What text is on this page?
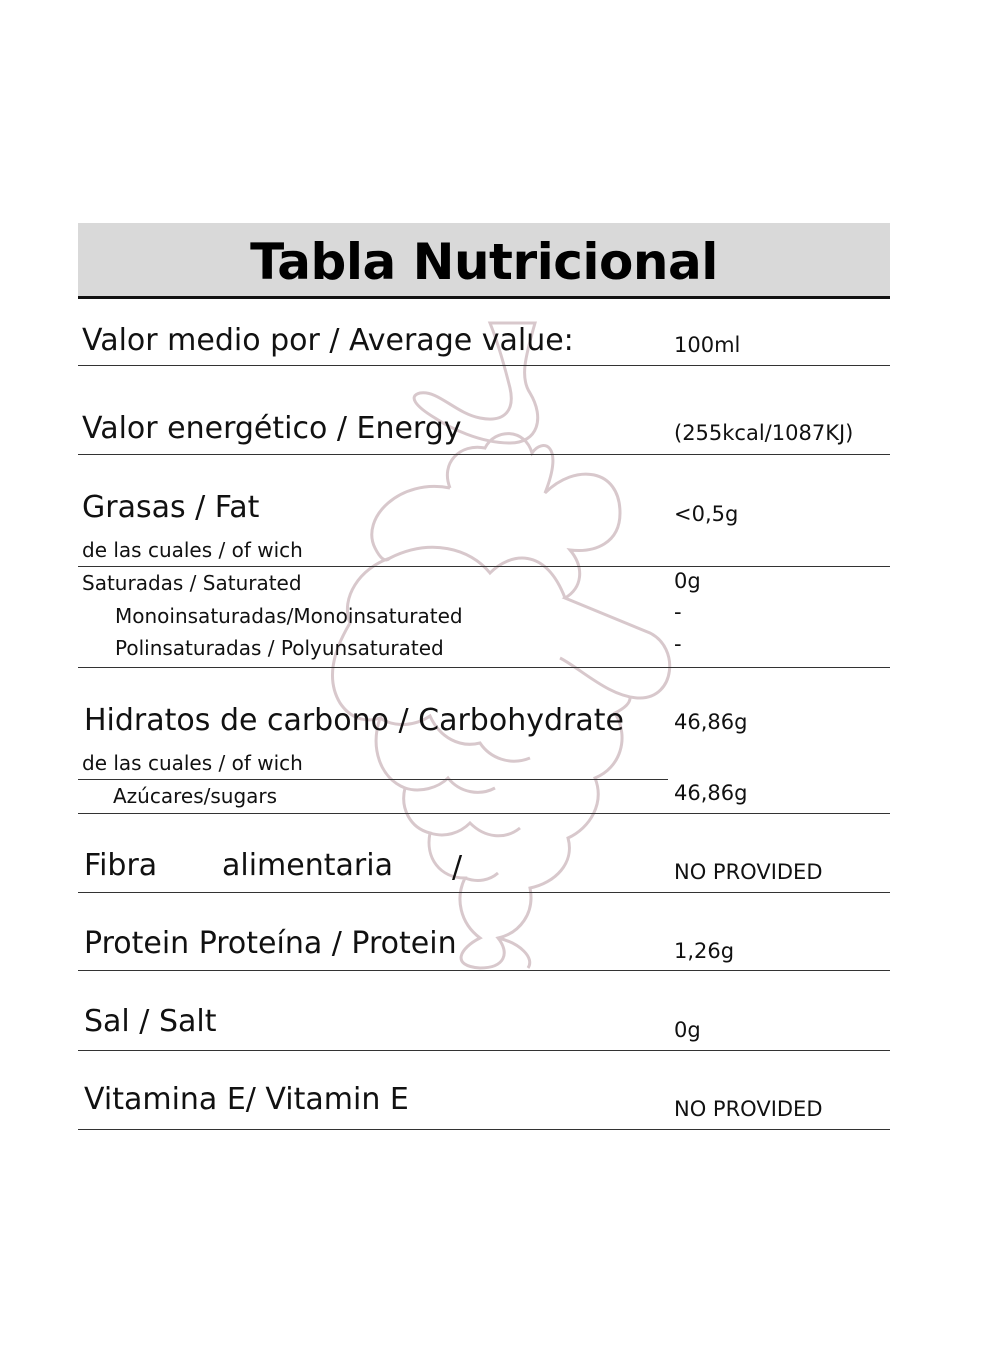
Tabla Nutricional
Valor medio por / Average value:	100ml
Valor energético / Energy	(255kcal/1087KJ)
Grasas / Fat	<0,5g
de las cuales / of wich
Saturadas / Saturated	0g
Monoinsaturadas/Monoinsaturated	-
Polinsaturadas / Polyunsaturated	-
Hidratos de carbono / Carbohydrate 46,86g
de las cuales / of wich
Azúcares/sugars	46,86g
Fibra alimentaria /	NO PROVIDED
Protein Proteína / Protein	1,26g
Sal / Salt	0g
Vitamina E/ Vitamin E	NO PROVIDED
